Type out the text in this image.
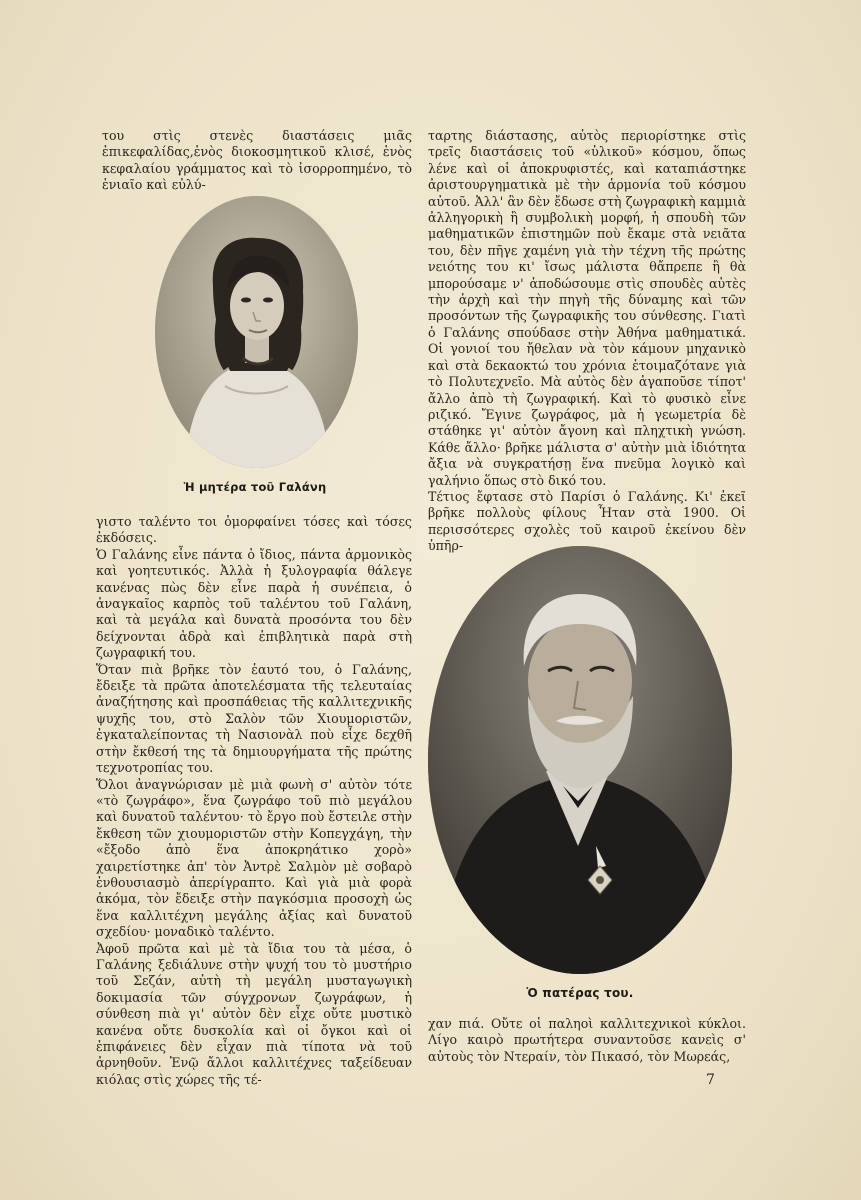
του στὶς στενὲς διαστάσεις μιᾶς ἐπικεφαλίδας,ἑνὸς διοκοσμητικοῦ κλισέ, ἑνὸς κεφαλαίου γράμματος καὶ τὸ ἰσορροπημένο, τὸ ἑνιαῖο καὶ εὐλύ-

Ἡ μητέρα τοῦ Γαλάνη

γιστο ταλέντο τοι ὀμορφαίνει τόσες καὶ τόσες ἐκδόσεις.

Ὁ Γαλάνης εἶνε πάντα ὁ ἴδιος, πάντα ἁρμονικὸς καὶ γοητευτικός. Ἀλλὰ ἡ ξυλογραφία θάλεγε κανένας πὼς δὲν εἶνε παρὰ ἡ συνέπεια, ὁ ἀναγκαῖος καρπὸς τοῦ ταλέντου τοῦ Γαλάνη, καὶ τὰ μεγάλα καὶ δυνατὰ προσόντα του δὲν δείχνονται ἁδρὰ καὶ ἐπιβλητικὰ παρὰ στὴ ζωγραφική του.

Ὅταν πιὰ βρῆκε τὸν ἑαυτό του, ὁ Γαλάνης, ἔδειξε τὰ πρῶτα ἀποτελέσματα τῆς τελευταίας ἀναζήτησης καὶ προσπάθειας τῆς καλλιτεχνικῆς ψυχῆς του, στὸ Σαλὸν τῶν Χιουμοριστῶν, ἐγκαταλείποντας τὴ Νασιονὰλ ποὺ εἶχε δεχθῆ στὴν ἔκθεσή της τὰ δημιουργήματα τῆς πρώτης τεχνοτροπίας του.

Ὅλοι ἀναγνώρισαν μὲ μιὰ φωνὴ σ' αὐτὸν τότε «τὸ ζωγράφο», ἕνα ζωγράφο τοῦ πιὸ μεγάλου καὶ δυνατοῦ ταλέντου· τὸ ἔργο ποὺ ἔστειλε στὴν ἔκθεση τῶν χιουμοριστῶν στὴν Κοπεγχάγη, τὴν «ἔξοδο ἀπὸ ἕνα ἀποκρηάτικο χορὸ» χαιρετίστηκε ἀπ' τὸν Ἀντρὲ Σαλμὸν μὲ σοβαρὸ ἐνθουσιασμὸ ἀπερίγραπτο. Καὶ γιὰ μιὰ φορὰ ἀκόμα, τὸν ἔδειξε στὴν παγκόσμια προσοχὴ ὡς ἕνα καλλιτέχνη μεγάλης ἀξίας καὶ δυνατοῦ σχεδίου· μοναδικὸ ταλέντο.

Ἀφοῦ πρῶτα καὶ μὲ τὰ ἴδια του τὰ μέσα, ὁ Γαλάνης ξεδιάλυνε στὴν ψυχή του τὸ μυστήριο τοῦ Σεζάν, αὐτὴ τὴ μεγάλη μυσταγωγικὴ δοκιμασία τῶν σύγχρονων ζωγράφων, ἡ σύνθεση πιὰ γι' αὐτὸν δὲν εἶχε οὔτε μυστικὸ κανένα οὔτε δυσκολία καὶ οἱ ὄγκοι καὶ οἱ ἐπιφάνειες δὲν εἶχαν πιὰ τίποτα νὰ τοῦ ἀρνηθοῦν. Ἐνῷ ἄλλοι καλλιτέχνες ταξείδευαν κιόλας στὶς χώρες τῆς τέ-

ταρτης διάστασης, αὐτὸς περιορίστηκε στὶς τρεῖς διαστάσεις τοῦ «ὑλικοῦ» κόσμου, ὅπως λένε καὶ οἱ ἀποκρυφιστές, καὶ καταπιάστηκε ἀριστουργηματικὰ μὲ τὴν ἁρμονία τοῦ κόσμου αὐτοῦ. Ἀλλ' ἂν δὲν ἔδωσε στὴ ζωγραφικὴ καμμιὰ ἀλληγορικὴ ἢ συμβολικὴ μορφή, ἡ σπουδὴ τῶν μαθηματικῶν ἐπιστημῶν ποὺ ἔκαμε στὰ νειᾶτα του, δὲν πῆγε χαμένη γιὰ τὴν τέχνη τῆς πρώτης νειότης του κι' ἴσως μάλιστα θἄπρεπε ἢ θὰ μπορούσαμε ν' ἀποδώσουμε στὶς σπουδὲς αὐτὲς τὴν ἀρχὴ καὶ τὴν πηγὴ τῆς δύναμης καὶ τῶν προσόντων τῆς ζωγραφικῆς του σύνθεσης. Γιατὶ ὁ Γαλάνης σπούδασε στὴν Ἀθήνα μαθηματικά. Οἱ γονιοί του ἤθελαν νὰ τὸν κάμουν μηχανικὸ καὶ στὰ δεκαοκτώ του χρόνια ἑτοιμαζότανε γιὰ τὸ Πολυτεχνεῖο. Μὰ αὐτὸς δὲν ἀγαποῦσε τίποτ' ἄλλο ἀπὸ τὴ ζωγραφική. Καὶ τὸ φυσικὸ εἶνε ριζικό. Ἔγινε ζωγράφος, μὰ ἡ γεωμετρία δὲ στάθηκε γι' αὐτὸν ἄγονη καὶ πληχτικὴ γνώση. Κάθε ἄλλο· βρῆκε μάλιστα σ' αὐτὴν μιὰ ἰδιότητα ἄξια νὰ συγκρατήσῃ ἕνα πνεῦμα λογικὸ καὶ γαλήνιο ὅπως στὸ δικό του.

Τέτιος ἔφτασε στὸ Παρίσι ὁ Γαλάνης. Κι' ἐκεῖ βρῆκε πολλοὺς φίλους Ἦταν στὰ 1900. Οἱ περισσότερες σχολὲς τοῦ καιροῦ ἐκείνου δὲν ὑπῆρ-

Ὁ πατέρας του.

χαν πιά. Οὔτε οἱ παληοὶ καλλιτεχνικοὶ κύκλοι. Λίγο καιρὸ πρωτήτερα συναντοῦσε κανεὶς σ' αὐτοὺς τὸν Ντεραίν, τὸν Πικασό, τὸν Μωρεάς,

7
